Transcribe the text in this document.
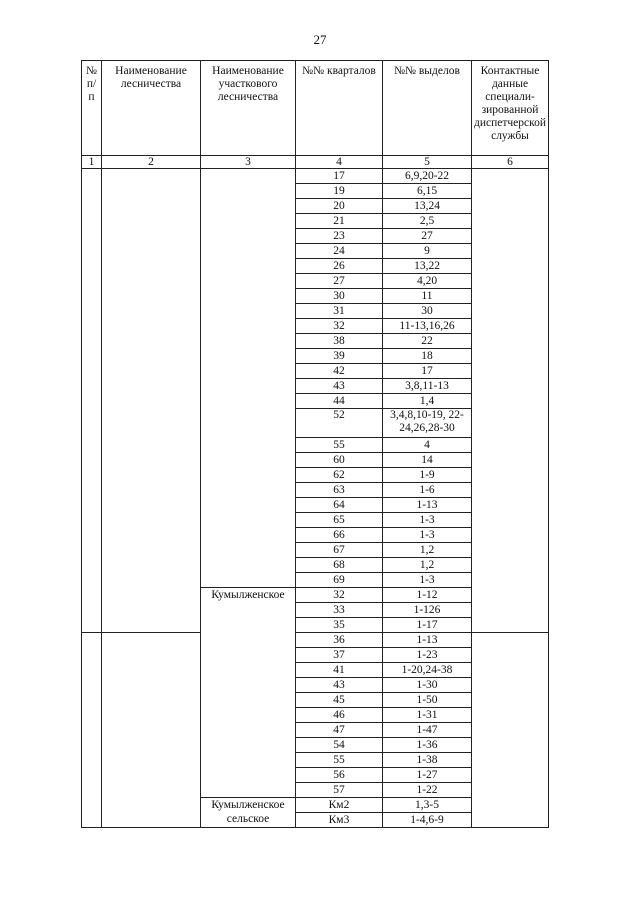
27
№ п/п	Наименование лесничества	Наименование участкового лесничества	№№ кварталов	№№ выделов	Контактные данные специали-зированной диспетчерской службы
1	2	3	4	5	6
			17	6,9,20-22	
			19	6,15	
			20	13,24	
			21	2,5	
			23	27	
			24	9	
			26	13,22	
			27	4,20	
			30	11	
			31	30	
			32	11-13,16,26	
			38	22	
			39	18	
			42	17	
			43	3,8,11-13	
			44	1,4	
			52	3,4,8,10-19, 22-24,26,28-30	
			55	4	
			60	14	
			62	1-9	
			63	1-6	
			64	1-13	
			65	1-3	
			66	1-3	
			67	1,2	
			68	1,2	
			69	1-3	
		Кумылженское	32	1-12	
			33	1-126	
			35	1-17	
			36	1-13	
			37	1-23	
			41	1-20,24-38	
			43	1-30	
			45	1-50	
			46	1-31	
			47	1-47	
			54	1-36	
			55	1-38	
			56	1-27	
			57	1-22	
		Кумылженское сельское	Км2	1,3-5	
			Км3	1-4,6-9	
